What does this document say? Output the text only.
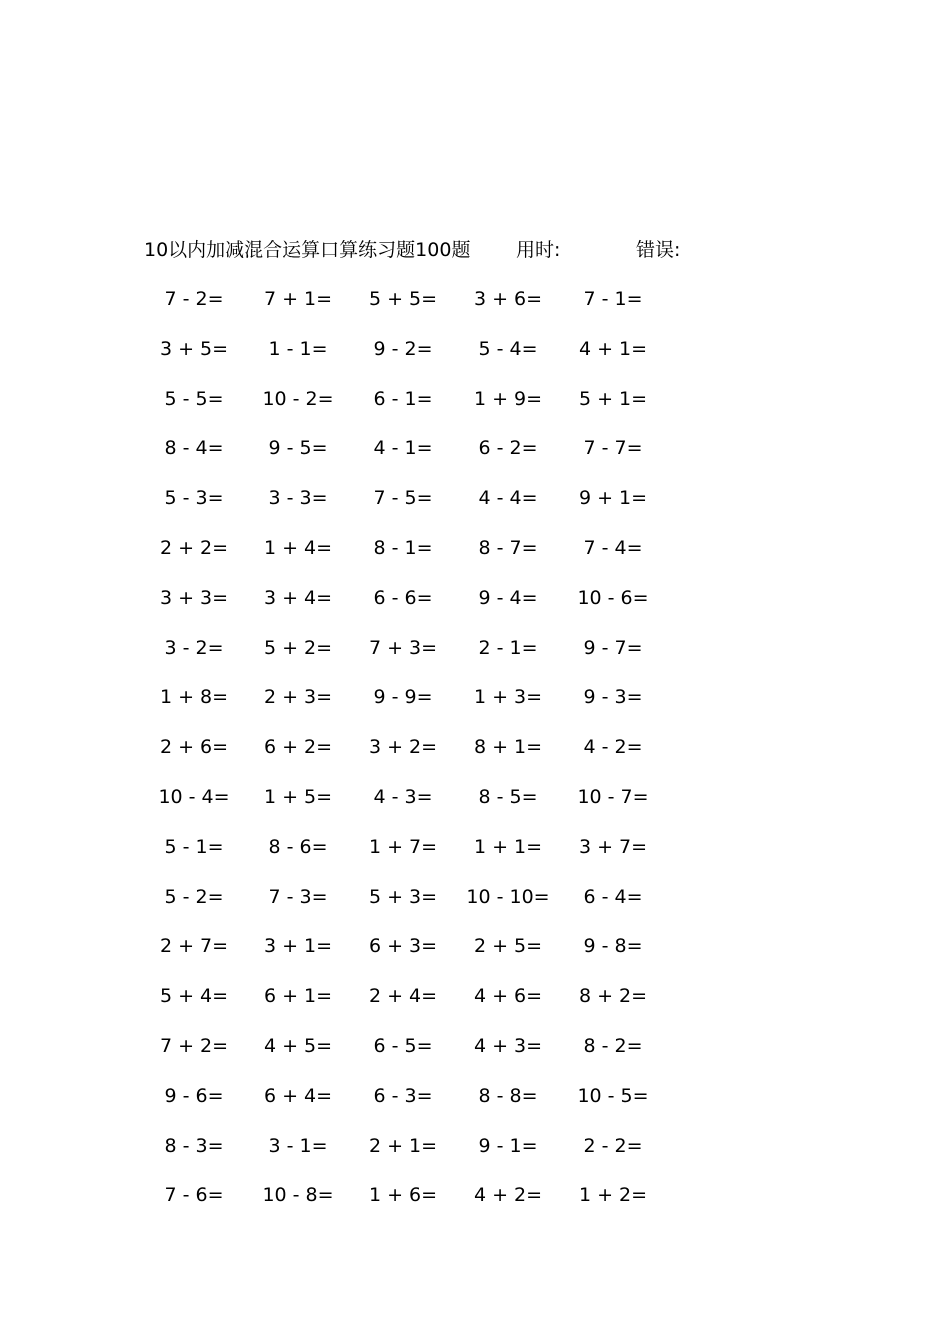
10以内加减混合运算口算练习题100题 用时:	错误:
7 - 2=	7 + 1=	5 + 5=	3 + 6=	7 - 1=
3 + 5=	1 - 1=	9 - 2=	5 - 4=	4 + 1=
5 - 5=	10 - 2=	6 - 1=	1 + 9=	5 + 1=
8 - 4=	9 - 5=	4 - 1=	6 - 2=	7 - 7=
5 - 3=	3 - 3=	7 - 5=	4 - 4=	9 + 1=
2 + 2=	1 + 4=	8 - 1=	8 - 7=	7 - 4=
3 + 3=	3 + 4=	6 - 6=	9 - 4=	10 - 6=
3 - 2=	5 + 2=	7 + 3=	2 - 1=	9 - 7=
1 + 8=	2 + 3=	9 - 9=	1 + 3=	9 - 3=
2 + 6=	6 + 2=	3 + 2=	8 + 1=	4 - 2=
10 - 4=	1 + 5=	4 - 3=	8 - 5=	10 - 7=
5 - 1=	8 - 6=	1 + 7=	1 + 1=	3 + 7=
5 - 2=	7 - 3=	5 + 3=	10 - 10=	6 - 4=
2 + 7=	3 + 1=	6 + 3=	2 + 5=	9 - 8=
5 + 4=	6 + 1=	2 + 4=	4 + 6=	8 + 2=
7 + 2=	4 + 5=	6 - 5=	4 + 3=	8 - 2=
9 - 6=	6 + 4=	6 - 3=	8 - 8=	10 - 5=
8 - 3=	3 - 1=	2 + 1=	9 - 1=	2 - 2=
7 - 6=	10 - 8=	1 + 6=	4 + 2=	1 + 2=
